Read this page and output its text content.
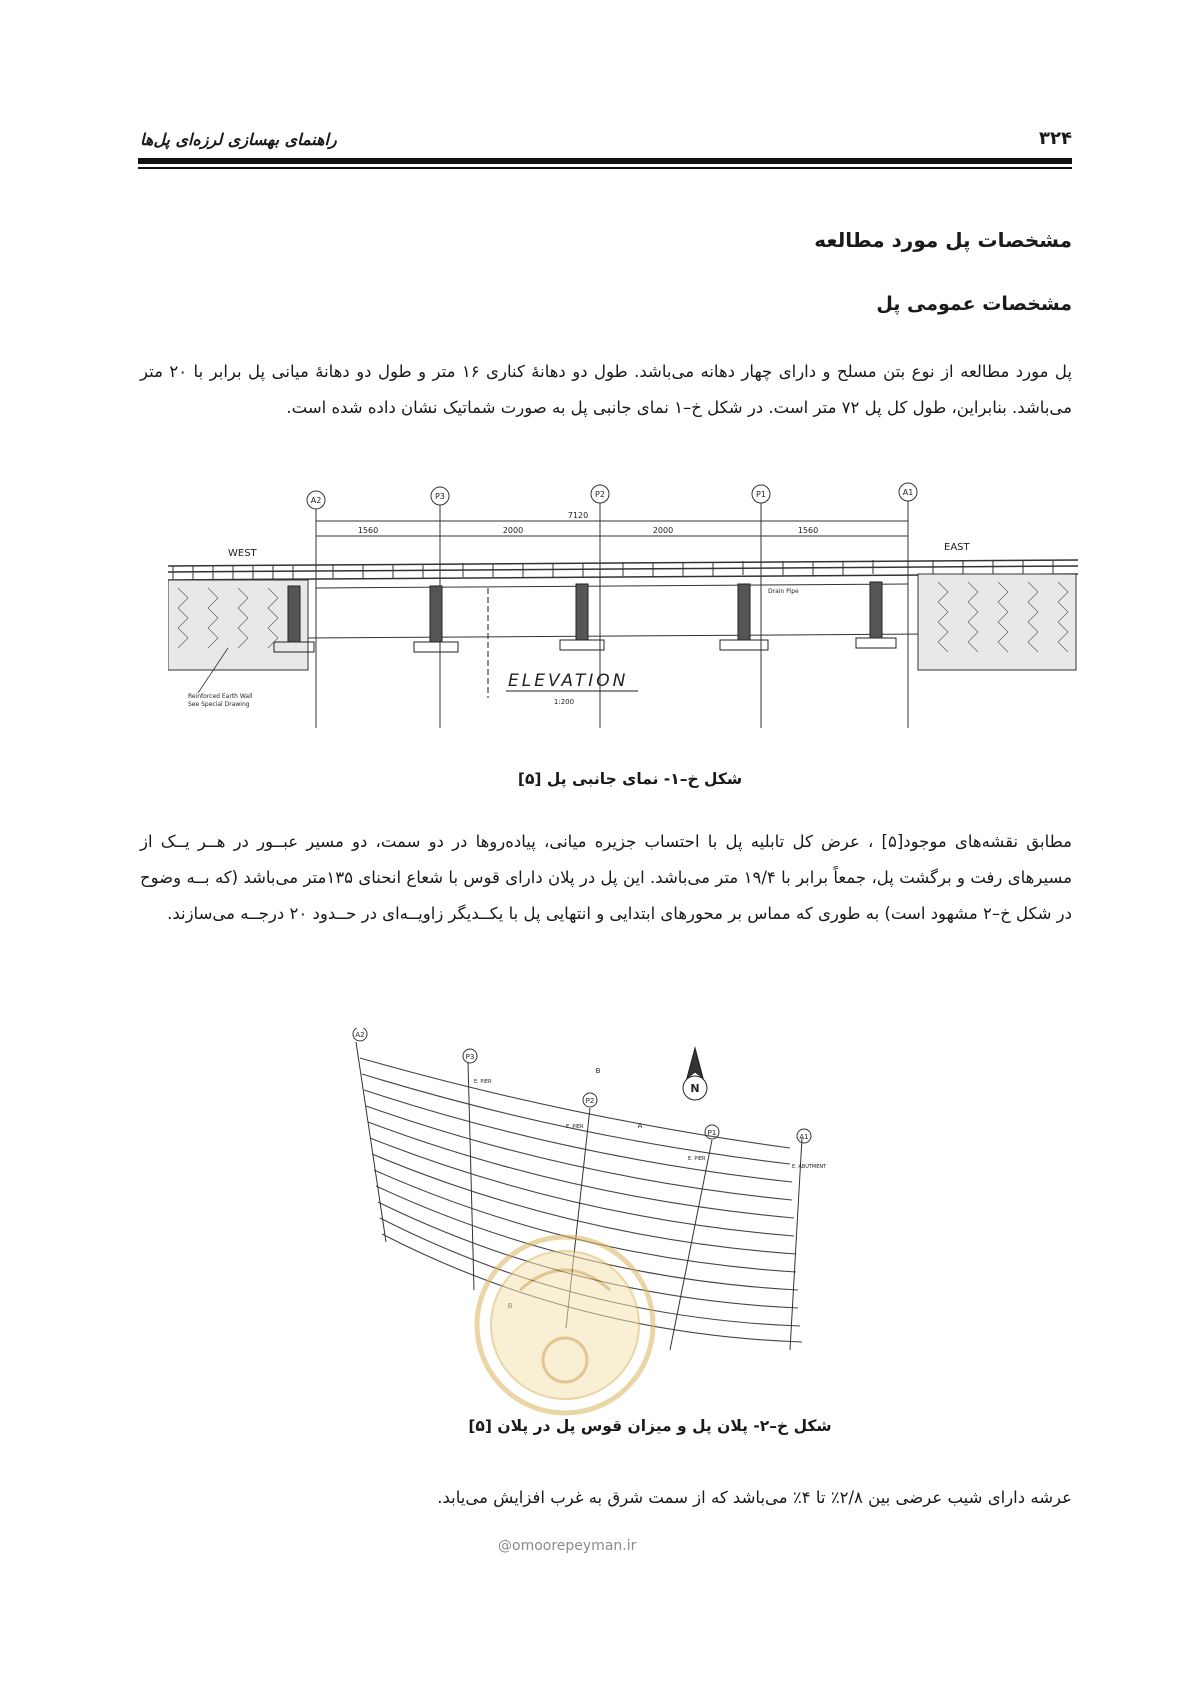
راهنمای بهسازی لرزه‌ای پل‌ها	۳۲۴
مشخصات پل مورد مطالعه
مشخصات عمومی پل
پل مورد مطالعه از نوع بتن مسلح و دارای چهار دهانه می‌باشد. طول دو دهانهٔ کناری ۱۶ متر و طول دو دهانهٔ میانی پل برابر با ۲۰ متر می‌باشد. بنابراین، طول کل پل ۷۲ متر است. در شکل خ–۱ نمای جانبی پل به صورت شماتیک نشان داده شده است.
A2	P3	P2	P1	A1
7120
1560	2000	2000	1560
WEST
EAST
Drain Pipe
Reinforced Earth Wall
See Special Drawing
ELEVATION
1:200
شکل خ–۱- نمای جانبی پل [۵]
مطابق نقشه‌های موجود[۵] ، عرض کل تابلیه پل با احتساب جزیره میانی، پیاده‌روها در دو سمت، دو مسیر عبــور در هــر یــک از مسیرهای رفت و برگشت پل، جمعاً برابر با ۱۹/۴ متر می‌باشد. این پل در پلان دارای قوس با شعاع انحنای ۱۳۵متر می‌باشد (که بــه وضوح در شکل خ–۲ مشهود است) به طوری که مماس بر محورهای ابتدایی و انتهایی پل با یکــدیگر زاویــه‌ای در حــدود ۲۰ درجــه می‌سازند.
N
A2
P3
P2
P1	A1
B
A
E. PIER
E. PIER
E. PIER
E. ABUTMENT
شکل خ–۲- پلان پل و میزان قوس پل در پلان [۵]
عرشه دارای شیب عرضی بین ۲/۸٪ تا ۴٪ می‌باشد که از سمت شرق به غرب افزایش می‌یابد.
@omoorepeyman.ir
